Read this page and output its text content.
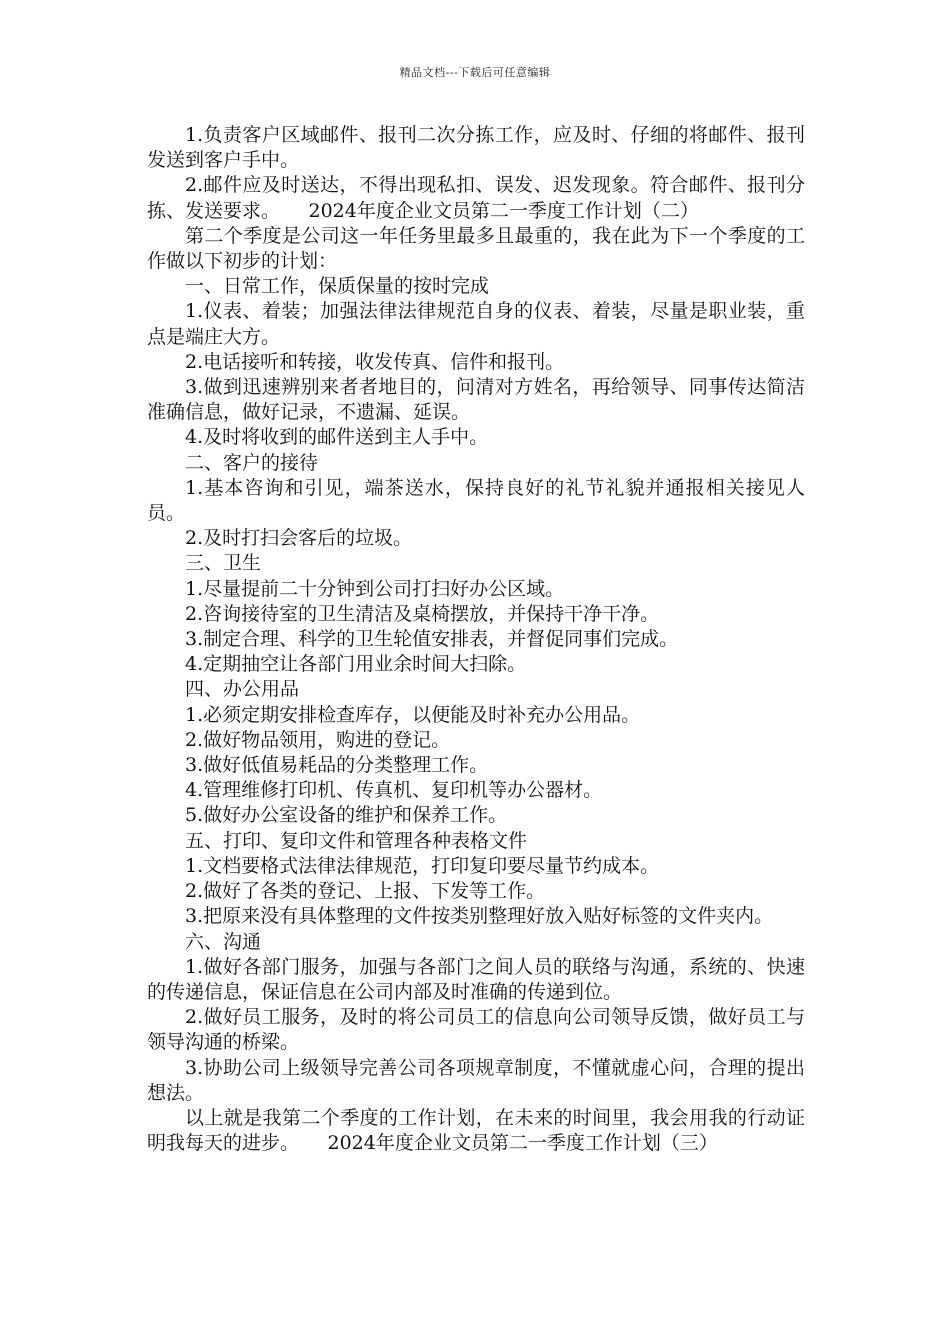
精品文档---下载后可任意编辑

1.负责客户区域邮件、报刊二次分拣工作，应及时、仔细的将邮件、报刊发送到客户手中。

2.邮件应及时送达，不得出现私扣、误发、迟发现象。符合邮件、报刊分拣、发送要求。　　2024年度企业文员第二一季度工作计划（二）

第二个季度是公司这一年任务里最多且最重的，我在此为下一个季度的工作做以下初步的计划：

一、日常工作，保质保量的按时完成

1.仪表、着装；加强法律法律规范自身的仪表、着装，尽量是职业装，重点是端庄大方。

2.电话接听和转接，收发传真、信件和报刊。

3.做到迅速辨别来者者地目的，问清对方姓名，再给领导、同事传达简洁准确信息，做好记录，不遗漏、延误。

4.及时将收到的邮件送到主人手中。

二、客户的接待

1.基本咨询和引见，端茶送水，保持良好的礼节礼貌并通报相关接见人员。

2.及时打扫会客后的垃圾。

三、卫生

1.尽量提前二十分钟到公司打扫好办公区域。

2.咨询接待室的卫生清洁及桌椅摆放，并保持干净干净。

3.制定合理、科学的卫生轮值安排表，并督促同事们完成。

4.定期抽空让各部门用业余时间大扫除。

四、办公用品

1.必须定期安排检查库存，以便能及时补充办公用品。

2.做好物品领用，购进的登记。

3.做好低值易耗品的分类整理工作。

4.管理维修打印机、传真机、复印机等办公器材。

5.做好办公室设备的维护和保养工作。

五、打印、复印文件和管理各种表格文件

1.文档要格式法律法律规范，打印复印要尽量节约成本。

2.做好了各类的登记、上报、下发等工作。

3.把原来没有具体整理的文件按类别整理好放入贴好标签的文件夹内。

六、沟通

1.做好各部门服务，加强与各部门之间人员的联络与沟通，系统的、快速的传递信息，保证信息在公司内部及时准确的传递到位。

2.做好员工服务，及时的将公司员工的信息向公司领导反馈，做好员工与领导沟通的桥梁。

3.协助公司上级领导完善公司各项规章制度，不懂就虚心问，合理的提出想法。

以上就是我第二个季度的工作计划，在未来的时间里，我会用我的行动证明我每天的进步。　　2024年度企业文员第二一季度工作计划（三）
